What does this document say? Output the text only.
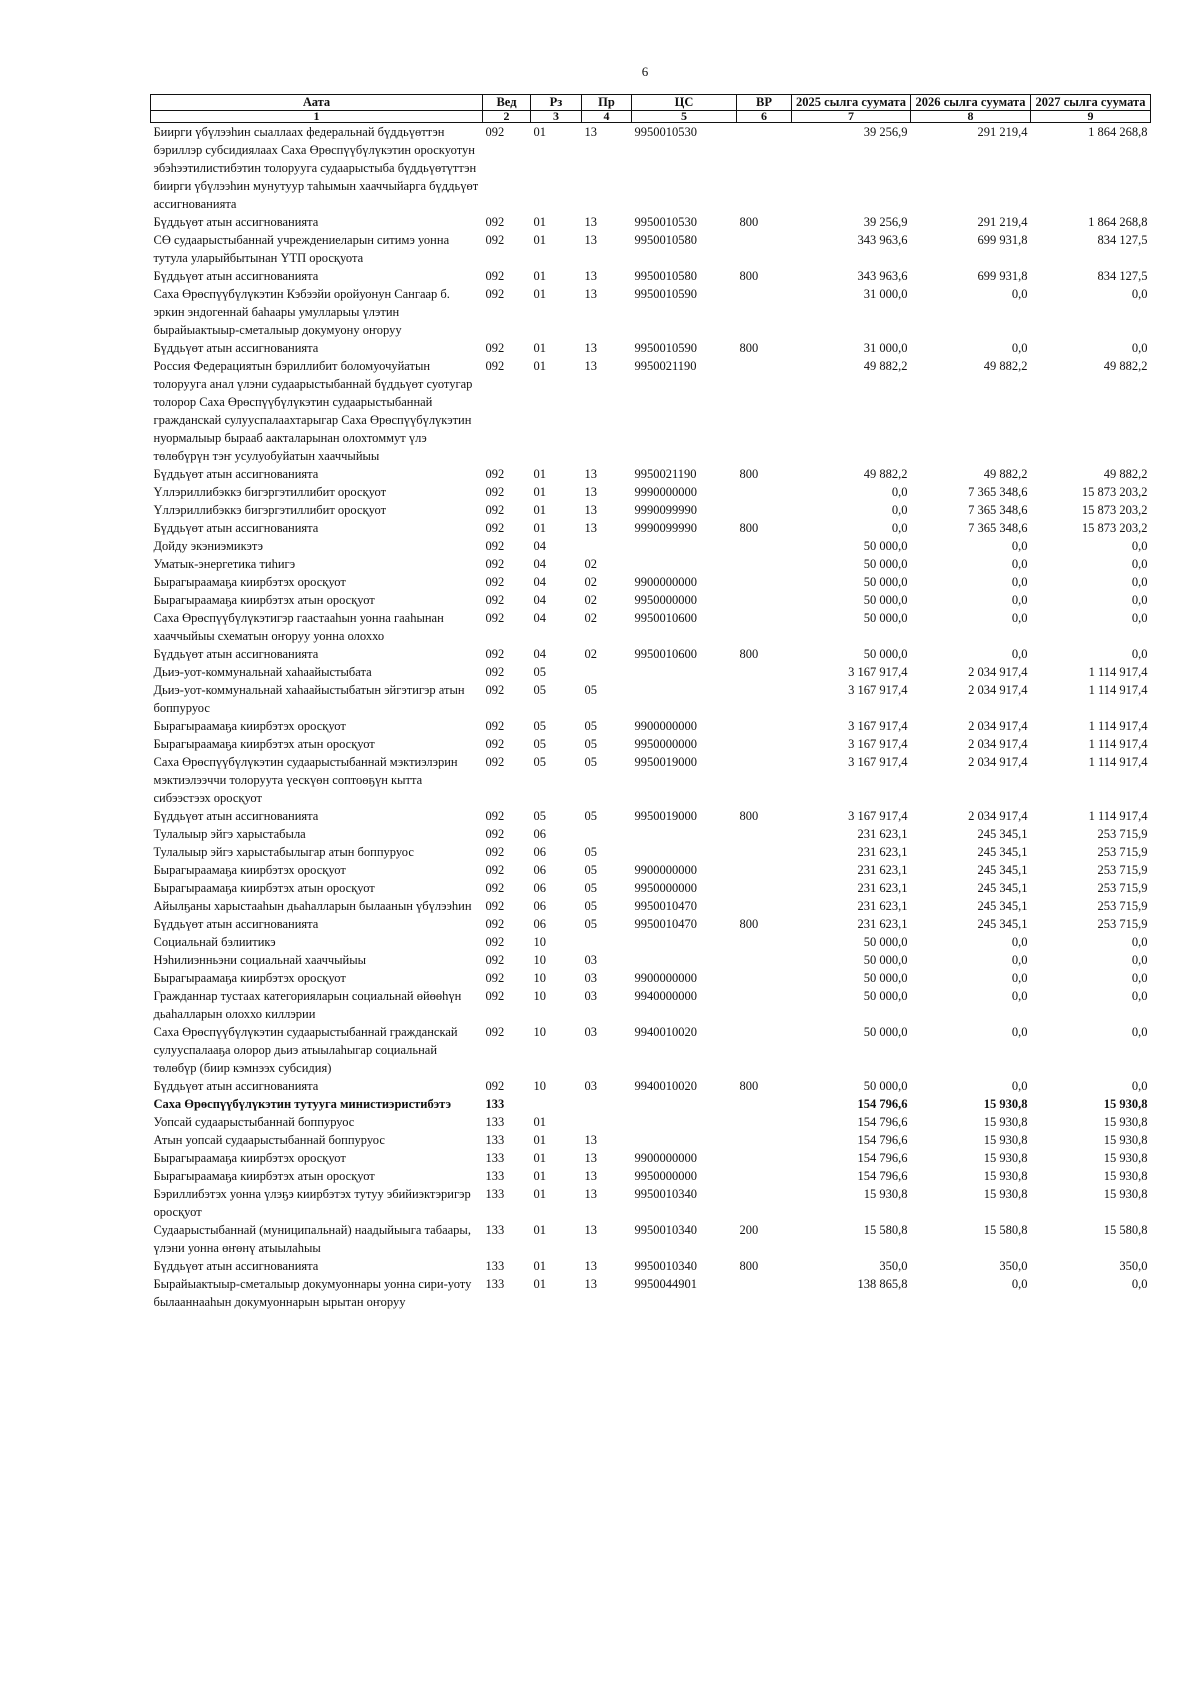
6
Аата	Вед	Рз	Пр	ЦС	ВР	2025 сылга суумата	2026 сылга суумата	2027 сылга суумата
1	2	3	4	5	6	7	8	9
Биирги үбүлээһин сыаллаах федеральнай бүддьүөттэн бэриллэр субсидиялаах Саха Өрөспүүбүлүкэтин ороскуотун эбэһээтилистибэтин толорууга судаарыстыба бүддьүөтүттэн биирги үбүлээһин мунутуур таһымын хааччыйарга бүддьүөт ассигнованията	092	01	13	9950010530		39 256,9	291 219,4	1 864 268,8
Бүддьүөт атын ассигнованията	092	01	13	9950010530	800	39 256,9	291 219,4	1 864 268,8
СӨ судаарыстыбаннай учреждениеларын ситимэ уонна тутула уларыйбытынан ҮТП оросқуота	092	01	13	9950010580		343 963,6	699 931,8	834 127,5
Бүддьүөт атын ассигнованията	092	01	13	9950010580	800	343 963,6	699 931,8	834 127,5
Саха Өрөспүүбүлүкэтин Кэбээйи оройуонун Сангаар б. эркин эндогеннай баһаары умулларыы үлэтин бырайыактыыр-сметалыыр докумуону оҥоруу	092	01	13	9950010590		31 000,0	0,0	0,0
Бүддьүөт атын ассигнованията	092	01	13	9950010590	800	31 000,0	0,0	0,0
Россия Федерациятын бэриллибит боломуочуйатын толорууга анал үлэни судаарыстыбаннай бүддьүөт суотугар толорор Саха Өрөспүүбүлүкэтин судаарыстыбаннай гражданскай сулууспалаахтарыгар Саха Өрөспүүбүлүкэтин нуормалыыр бырааб аакталарынан олохтоммут үлэ төлөбүрүн тэҥ усулуобуйатын хааччыйыы	092	01	13	9950021190		49 882,2	49 882,2	49 882,2
Бүддьүөт атын ассигнованията	092	01	13	9950021190	800	49 882,2	49 882,2	49 882,2
Үллэриллибэккэ бигэргэтиллибит оросқуот	092	01	13	9990000000		0,0	7 365 348,6	15 873 203,2
Үллэриллибэккэ бигэргэтиллибит оросқуот	092	01	13	9990099990		0,0	7 365 348,6	15 873 203,2
Бүддьүөт атын ассигнованията	092	01	13	9990099990	800	0,0	7 365 348,6	15 873 203,2
Дойду экэниэмикэтэ	092	04				50 000,0	0,0	0,0
Уматык-энергетика тиһигэ	092	04	02			50 000,0	0,0	0,0
Бырагыраамаҕа киирбэтэх оросқуот	092	04	02	9900000000		50 000,0	0,0	0,0
Бырагыраамаҕа киирбэтэх атын оросқуот	092	04	02	9950000000		50 000,0	0,0	0,0
Саха Өрөспүүбүлүкэтигэр гаастааһын уонна гааһынан хааччыйыы схематын оҥоруу уонна олоххо	092	04	02	9950010600		50 000,0	0,0	0,0
Бүддьүөт атын ассигнованията	092	04	02	9950010600	800	50 000,0	0,0	0,0
Дьиэ-уот-коммунальнай хаһаайыстыбата	092	05				3 167 917,4	2 034 917,4	1 114 917,4
Дьиэ-уот-коммунальнай хаһаайыстыбатын эйгэтигэр атын боппуруос	092	05	05			3 167 917,4	2 034 917,4	1 114 917,4
Бырагыраамаҕа киирбэтэх оросқуот	092	05	05	9900000000		3 167 917,4	2 034 917,4	1 114 917,4
Бырагыраамаҕа киирбэтэх атын оросқуот	092	05	05	9950000000		3 167 917,4	2 034 917,4	1 114 917,4
Саха Өрөспүүбүлүкэтин судаарыстыбаннай мэктиэлэрин мэктиэлээччи толоруута үескүөн соптоөҕүн кытта сибээстээх оросқуот	092	05	05	9950019000		3 167 917,4	2 034 917,4	1 114 917,4
Бүддьүөт атын ассигнованията	092	05	05	9950019000	800	3 167 917,4	2 034 917,4	1 114 917,4
Тулалыыр эйгэ харыстабыла	092	06				231 623,1	245 345,1	253 715,9
Тулалыыр эйгэ харыстабылыгар атын боппуруос	092	06	05			231 623,1	245 345,1	253 715,9
Бырагыраамаҕа киирбэтэх оросқуот	092	06	05	9900000000		231 623,1	245 345,1	253 715,9
Бырагыраамаҕа киирбэтэх атын оросқуот	092	06	05	9950000000		231 623,1	245 345,1	253 715,9
Айылҕаны харыстааһын дьаһалларын былаанын үбүлээһин	092	06	05	9950010470		231 623,1	245 345,1	253 715,9
Бүддьүөт атын ассигнованията	092	06	05	9950010470	800	231 623,1	245 345,1	253 715,9
Социальнай бэлиитикэ	092	10				50 000,0	0,0	0,0
Нэһилиэнньэни социальнай хааччыйыы	092	10	03			50 000,0	0,0	0,0
Бырагыраамаҕа киирбэтэх оросқуот	092	10	03	9900000000		50 000,0	0,0	0,0
Гражданнар тустаах категорияларын социальнай өйөөһүн дьаһалларын олоххо киллэрии	092	10	03	9940000000		50 000,0	0,0	0,0
Саха Өрөспүүбүлүкэтин судаарыстыбаннай гражданскай сулууспалааҕа олорор дьиэ атыылаһыгар социальнай төлөбүр (биир кэмнээх субсидия)	092	10	03	9940010020		50 000,0	0,0	0,0
Бүддьүөт атын ассигнованията	092	10	03	9940010020	800	50 000,0	0,0	0,0
Саха Өрөспүүбүлүкэтин тутууга министиэристибэтэ	133					154 796,6	15 930,8	15 930,8
Уопсай судаарыстыбаннай боппуруос	133	01				154 796,6	15 930,8	15 930,8
Атын уопсай судаарыстыбаннай боппуруос	133	01	13			154 796,6	15 930,8	15 930,8
Бырагыраамаҕа киирбэтэх оросқуот	133	01	13	9900000000		154 796,6	15 930,8	15 930,8
Бырагыраамаҕа киирбэтэх атын оросқуот	133	01	13	9950000000		154 796,6	15 930,8	15 930,8
Бэриллибэтэх уонна үлэҕэ киирбэтэх тутуу эбийиэктэригэр оросқуот	133	01	13	9950010340		15 930,8	15 930,8	15 930,8
Судаарыстыбаннай (муниципальнай) наадыйыыга табаары, үлэни уонна өҥөнү атыылаһыы	133	01	13	9950010340	200	15 580,8	15 580,8	15 580,8
Бүддьүөт атын ассигнованията	133	01	13	9950010340	800	350,0	350,0	350,0
Бырайыактыыр-сметалыыр докумуоннары уонна сири-уоту былааннааһын докумуоннарын ырытан оҥоруу	133	01	13	9950044901		138 865,8	0,0	0,0
